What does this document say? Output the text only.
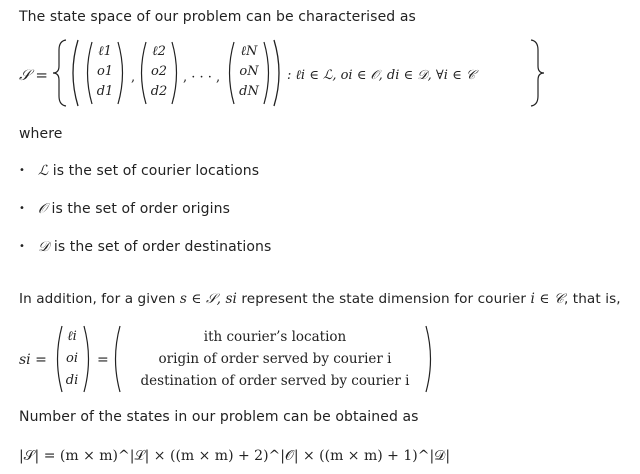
The state space of our problem can be characterised as
𝒮 =
ℓ1
o1
d1
,
ℓ2
o2
d2
, · · · ,
ℓN
oN
dN
: ℓi ∈ ℒ, oi ∈ 𝒪, di ∈ 𝒟, ∀i ∈ 𝒞
where
• ℒ is the set of courier locations
• 𝒪 is the set of order origins
• 𝒟 is the set of order destinations
In addition, for a given s ∈ 𝒮, si represent the state dimension for courier i ∈ 𝒞, that is,
si =
ℓi
oi
di
=
ith courier’s location
origin of order served by courier i
destination of order served by courier i
Number of the states in our problem can be obtained as
|𝒮| = (m × m)^|ℒ| × ((m × m) + 2)^|𝒪| × ((m × m) + 1)^|𝒟|
